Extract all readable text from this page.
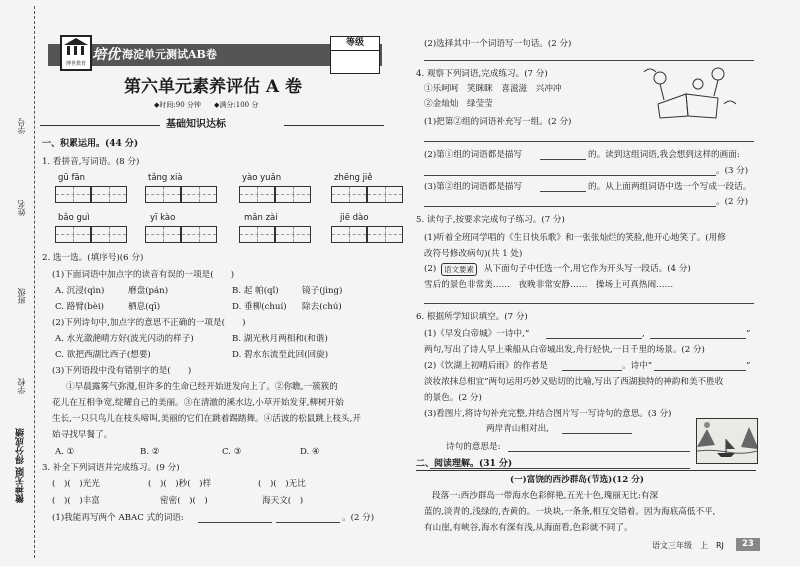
学号
姓名
班级
学校
微神无限 得分成绩
博世教育
培优 海淀单元测试AB卷
等级
第六单元素养评估 A 卷
◆时间:90 分钟 ◆满分:100 分
基础知识达标
一、积累运用。(44 分)
1. 看拼音,写词语。(8 分)
gū fān	tǎng xià	yào yuǎn	zhēng jiě
bǎo guì	yī kào	mǎn zài	jiē dào
2. 选一选。(填序号)(6 分)
(1)下面词语中加点字的读音有误的一项是(　　)
A. 沉浸(qìn)	磨盘(pán)	B. 起 帕(qǐ)	镜子(jìng)
C. 路臂(bèi)	栖息(qī)	D. 垂柳(chuí) 除去(chú)
(2)下列诗句中,加点字的意思不正确的一项是(　　)
A. 水光潋滟晴方好(波光闪动的样子)	B. 湖光秋月两相和(和谐)
C. 欲把西湖比西子(想要)	D. 碧水东流至此回(回旋)
(3)下列语段中没有错别字的是(　　)
①早晨露雾气弥漫,但许多的生命已经开始迸发向上了。②你瞧,一簇簇的
花儿在互相争宽,绽耀自己的美丽。③在清澈的溪水边,小草开始发芽,柳树开始
生长,一只只鸟儿在枝头啼叫,美丽的它们在跳着踢踏舞。④活波的松鼠跳上枝头,开
始寻找早餐了。
A. ①	B. ②	C. ③	D. ④
3. 补全下列词语并完成练习。(9 分)
(　)(　)光光	(　)(　)秒(　)样	(　)(　)无比
(　)(　)丰富	密密(　)(　)	海天文(　)
(1)我能再写两个 ABAC 式的词语:	。(2 分)
(2)选择其中一个词语写一句话。(2 分)
4. 观察下列词语,完成练习。(7 分)
①乐呵呵　笑眯眯　喜滋滋　兴冲冲
②金灿灿　绿莹莹
(1)把第②组的词语补充写一组。(2 分)
(2)第①组的词语都是描写	的。读到这组词语,我会想到这样的画面:
。(3 分)
(3)第②组的词语都是描写	的。从上面两组词语中选一个写成一段话。
。(2 分)
5. 读句子,按要求完成句子练习。(7 分)
(1)听着全班同学唱的《生日快乐歌》和一张张灿烂的笑脸,他开心地笑了。(用修
改符号修改病句)(共 1 处)
(2)	语文要素	从下面句子中任选一个,用它作为开头写一段话。(4 分)
雪后的景色非常美……　夜晚非常安静……　操场上可真热闹……
6. 根据所学知识填空。(7 分)
(1)《早发白帝城》一诗中,“	,	”
两句,写出了诗人早上乘船从白帝城出发,舟行轻快,一日千里的场景。(2 分)
(2)《饮湖上初晴后雨》的作者是	。诗中“	”
淡妆浓抹总相宜”两句运用巧妙又贴切的比喻,写出了西湖独特的神韵和美不胜收
的景色。(2 分)
(3)看图片,将诗句补充完整,并结合图片写一写诗句的意思。(3 分)
两岸青山相对出,
诗句的意思是:
二、阅读理解。(31 分)
(一)富饶的西沙群岛(节选)(12 分)
段落一:西沙群岛一带海水色彩鲜艳,五光十色,瑰丽无比:有深
蓝的,淡青的,浅绿的,杏黄的。一块块,一条条,相互交错着。因为海底高低不平,
有山崖,有峡谷,海水有深有浅,从海面看,色彩就不同了。
语文三年级　上　RJ	23
